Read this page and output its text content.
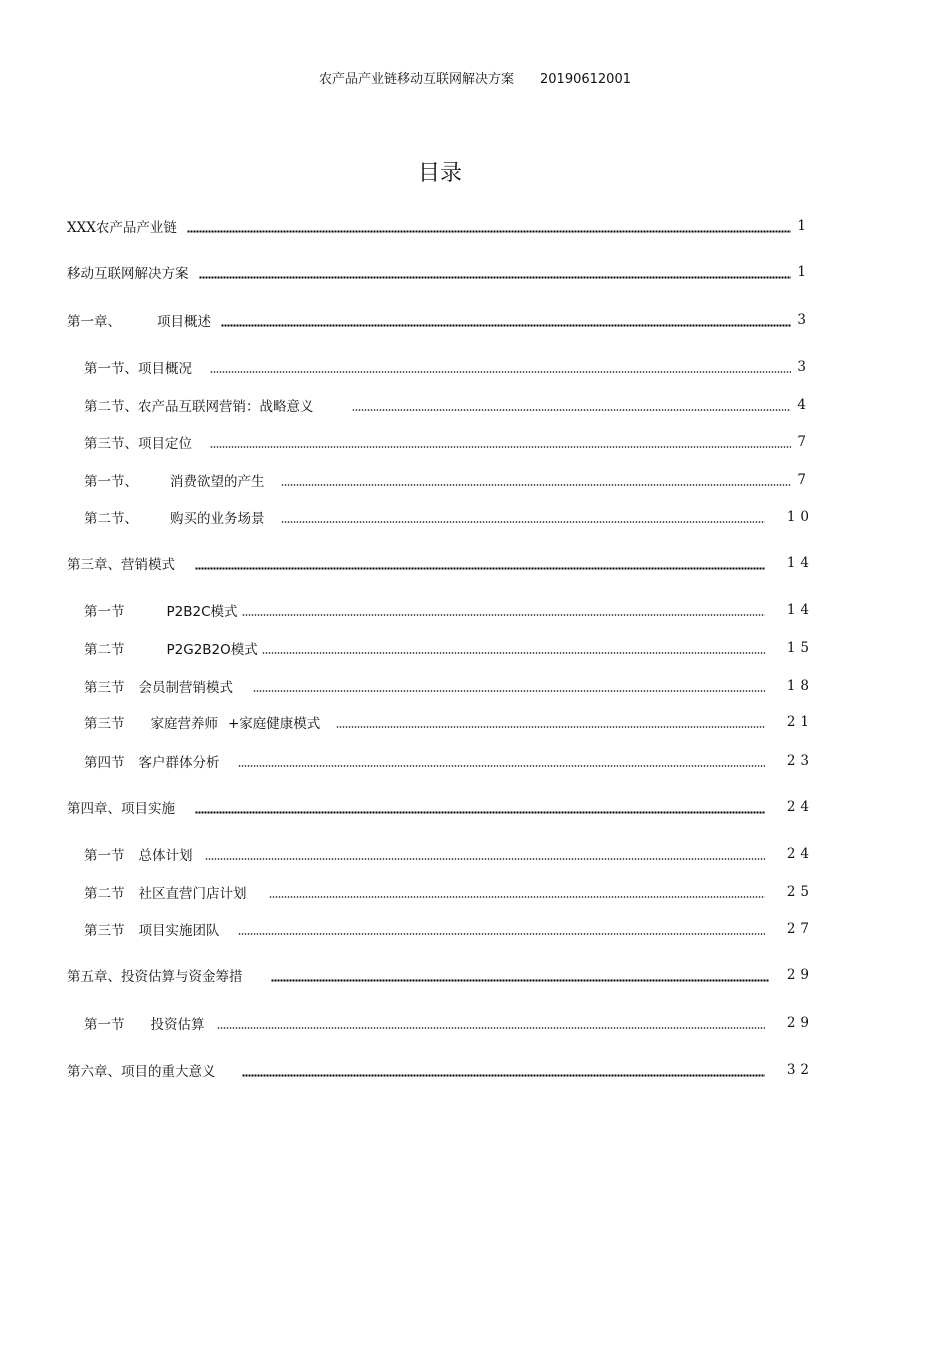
农产品产业链移动互联网解决方案 20190612001
目录
XXX农产品产业链	1
移动互联网解决方案	1
第一章、	项目概述	3
第一节、项目概况	3
第二节、农产品互联网营销：战略意义	4
第三节、项目定位	7
第一节、 消费欲望的产生	7
第二节、 购买的业务场景	10
第三章、营销模式	14
第一节	P2B2C模式	14
第二节	P2G2B2O模式	15
第三节 会员制营销模式	18
第三节 家庭营养师 +家庭健康模式	21
第四节 客户群体分析	23
第四章、项目实施	24
第一节 总体计划	24
第二节 社区直营门店计划	25
第三节 项目实施团队	27
第五章、投资估算与资金筹措	29
第一节 投资估算	29
第六章、项目的重大意义	32
